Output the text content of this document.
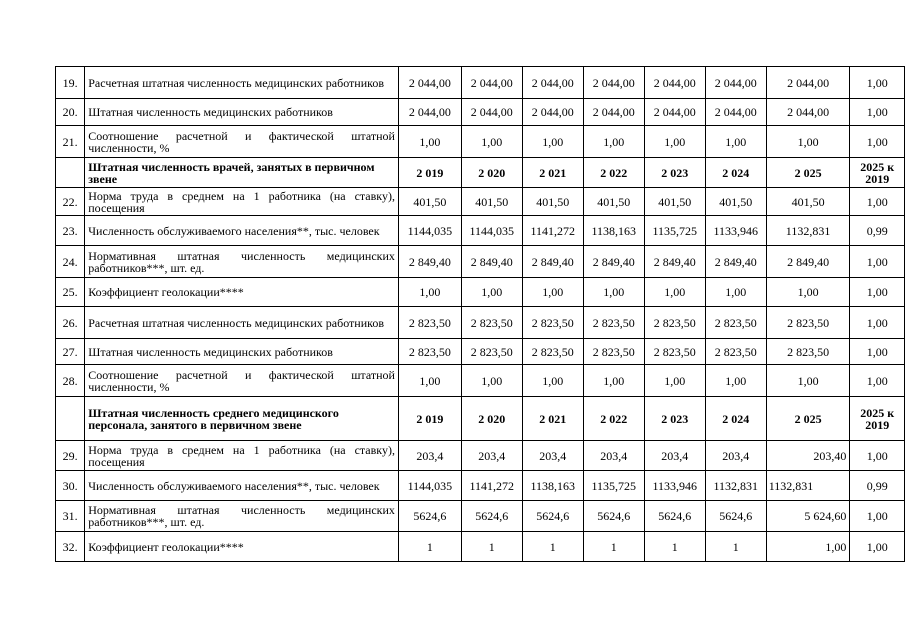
19.	Расчетная штатная численность медицинских работников	2 044,00	2 044,00	2 044,00	2 044,00	2 044,00	2 044,00	2 044,00	1,00
20.	Штатная численность медицинских работников	2 044,00	2 044,00	2 044,00	2 044,00	2 044,00	2 044,00	2 044,00	1,00
21.	Соотношение расчетной и фактической штатной численности, %	1,00	1,00	1,00	1,00	1,00	1,00	1,00	1,00
	Штатная численность врачей, занятых в первичном звене	2 019	2 020	2 021	2 022	2 023	2 024	2 025	2025 к 2019
22.	Норма труда в среднем на 1 работника (на ставку), посещения	401,50	401,50	401,50	401,50	401,50	401,50	401,50	1,00
23.	Численность обслуживаемого населения**, тыс. человек	1144,035	1144,035	1141,272	1138,163	1135,725	1133,946	1132,831	0,99
24.	Нормативная штатная численность медицинских работников***, шт. ед.	2 849,40	2 849,40	2 849,40	2 849,40	2 849,40	2 849,40	2 849,40	1,00
25.	Коэффициент геолокации****	1,00	1,00	1,00	1,00	1,00	1,00	1,00	1,00
26.	Расчетная штатная численность медицинских работников	2 823,50	2 823,50	2 823,50	2 823,50	2 823,50	2 823,50	2 823,50	1,00
27.	Штатная численность медицинских работников	2 823,50	2 823,50	2 823,50	2 823,50	2 823,50	2 823,50	2 823,50	1,00
28.	Соотношение расчетной и фактической штатной численности, %	1,00	1,00	1,00	1,00	1,00	1,00	1,00	1,00
	Штатная численность среднего медицинского персонала, занятого в первичном звене	2 019	2 020	2 021	2 022	2 023	2 024	2 025	2025 к 2019
29.	Норма труда в среднем на 1 работника (на ставку), посещения	203,4	203,4	203,4	203,4	203,4	203,4	203,40	1,00
30.	Численность обслуживаемого населения**, тыс. человек	1144,035	1141,272	1138,163	1135,725	1133,946	1132,831	1132,831	0,99
31.	Нормативная штатная численность медицинских работников***, шт. ед.	5624,6	5624,6	5624,6	5624,6	5624,6	5624,6	5 624,60	1,00
32.	Коэффициент геолокации****	1	1	1	1	1	1	1,00	1,00
